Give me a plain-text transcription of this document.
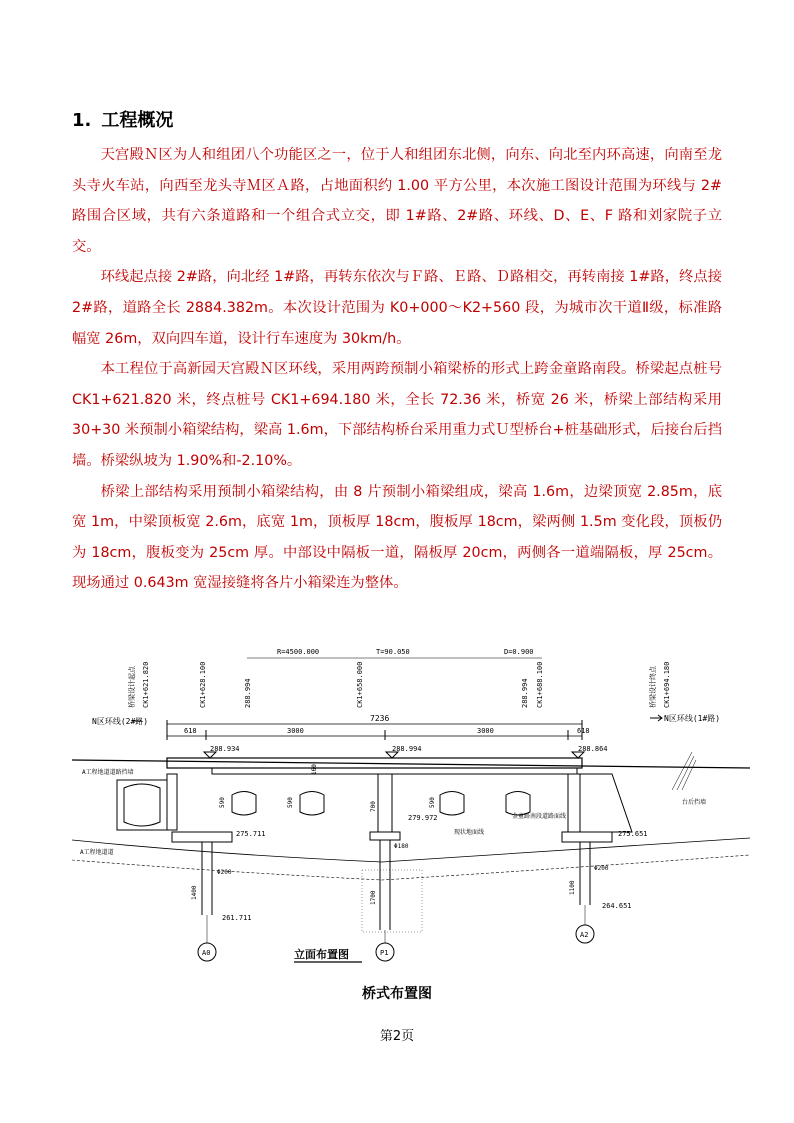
1. 工程概况

天宫殿Ｎ区为人和组团八个功能区之一，位于人和组团东北侧，向东、向北至内环高速，向南至龙头寺火车站，向西至龙头寺Ｍ区Ａ路，占地面积约 1.00 平方公里，本次施工图设计范围为环线与 2#路围合区域，共有六条道路和一个组合式立交，即 1#路、2#路、环线、D、E、F 路和刘家院子立交。

环线起点接 2#路，向北经 1#路，再转东依次与Ｆ路、Ｅ路、Ｄ路相交，再转南接 1#路，终点接 2#路，道路全长 2884.382m。本次设计范围为 K0+000～K2+560 段，为城市次干道Ⅱ级，标准路幅宽 26m，双向四车道，设计行车速度为 30km/h。

本工程位于高新园天宫殿Ｎ区环线，采用两跨预制小箱梁桥的形式上跨金童路南段。桥梁起点桩号 CK1+621.820 米，终点桩号 CK1+694.180 米，全长 72.36 米，桥宽 26 米，桥梁上部结构采用 30+30 米预制小箱梁结构，梁高 1.6m，下部结构桥台采用重力式Ｕ型桥台+桩基础形式，后接台后挡墙。桥梁纵坡为 1.90%和-2.10%。

桥梁上部结构采用预制小箱梁结构，由 8 片预制小箱梁组成，梁高 1.6m，边梁顶宽 2.85m，底宽 1m，中梁顶板宽 2.6m，底宽 1m，顶板厚 18cm，腹板厚 18cm，梁两侧 1.5m 变化段，顶板仍为 18cm，腹板变为 25cm 厚。中部设中隔板一道，隔板厚 20cm，两侧各一道端隔板，厚 25cm。现场通过 0.643m 宽湿接缝将各片小箱梁连为整体。

R=4500.000	T=90.050	D=0.900
桥梁设计起点 CK1+621.820	CK1+628.100	288.994	CK1+658.000	288.994 CK1+688.100	桥梁设计终点 CK1+694.180
N区环线(2#路)	N区环线(1#路)
7236
618	3000	3000	618
288.934	288.994	288.864
160
A工程地道道路挡墙
590	590	590
700
A工程地道道
金童路南段道路面线
现状地面线
台后挡墙
275.711
279.972
275.651
Φ200
1400
261.711
Φ180
1700
Φ200
1100
264.651
A0	P1
A2
立面布置图
桥式布置图
第2页
